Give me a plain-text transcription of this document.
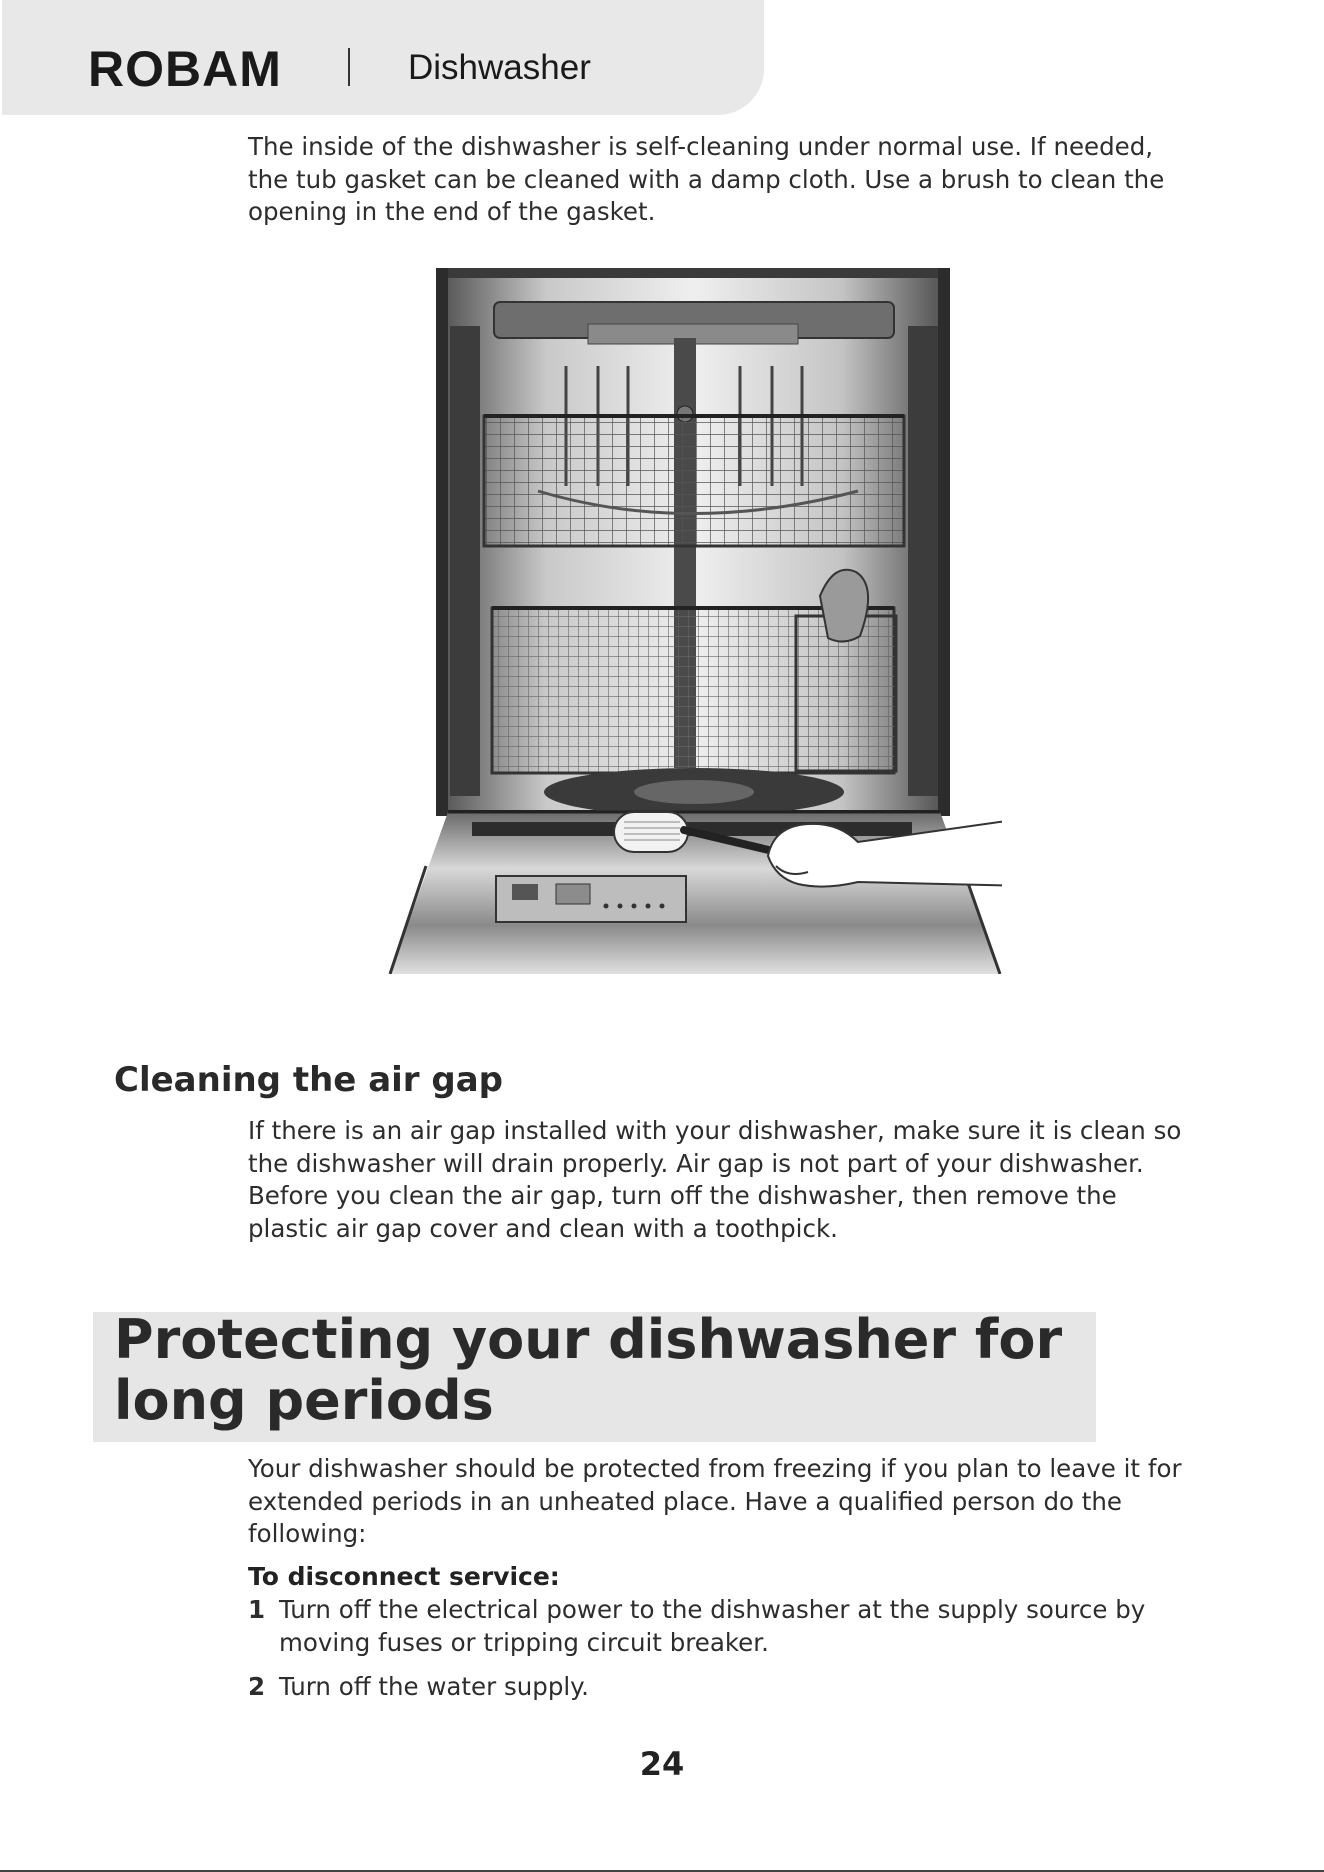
ROBAM	Dishwasher

The inside of the dishwasher is self-cleaning under normal use. If needed, the tub gasket can be cleaned with a damp cloth. Use a brush to clean the opening in the end of the gasket.

Cleaning the air gap

If there is an air gap installed with your dishwasher, make sure it is clean so the dishwasher will drain properly. Air gap is not part of your dishwasher. Before you clean the air gap, turn off the dishwasher, then remove the plastic air gap cover and clean with a toothpick.

Protecting your dishwasher for long periods

Your dishwasher should be protected from freezing if you plan to leave it for extended periods in an unheated place. Have a qualified person do the following:

To disconnect service:
1 Turn off the electrical power to the dishwasher at the supply source by moving fuses or tripping circuit breaker.
2 Turn off the water supply.
24
